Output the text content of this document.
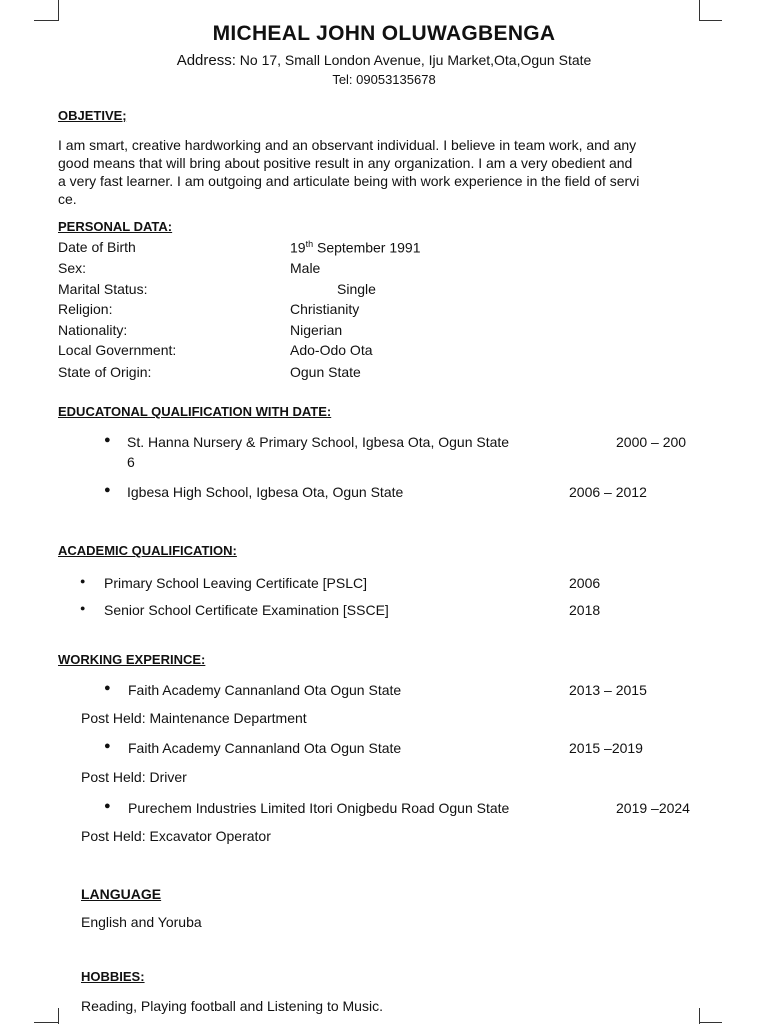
MICHEAL JOHN OLUWAGBENGA
Address: No 17, Small London Avenue, Iju Market,Ota,Ogun State
Tel: 09053135678
OBJETIVE;
I am smart, creative hardworking and an observant individual. I believe in team work, and any
good means that will bring about positive result in any organization. I am a very obedient and
a very fast learner. I am outgoing and articulate being with work experience in the field of servi
ce.
PERSONAL DATA:
Date of Birth	19th September 1991
Sex:	Male
Marital Status:	Single
Religion:	Christianity
Nationality:	Nigerian
Local Government:	Ado-Odo Ota
State of Origin:	Ogun State
EDUCATONAL QUALIFICATION WITH DATE:
● St. Hanna Nursery & Primary School, Igbesa Ota, Ogun State	2000 – 200
6
● Igbesa High School, Igbesa Ota, Ogun State	2006 – 2012
ACADEMIC QUALIFICATION:
● Primary School Leaving Certificate [PSLC]	2006
● Senior School Certificate Examination [SSCE]	2018
WORKING EXPERINCE:
● Faith Academy Cannanland Ota Ogun State	2013 – 2015
Post Held: Maintenance Department
● Faith Academy Cannanland Ota Ogun State	2015 –2019
Post Held: Driver
● Purechem Industries Limited Itori Onigbedu Road Ogun State	2019 –2024
Post Held: Excavator Operator
LANGUAGE
English and Yoruba
HOBBIES:
Reading, Playing football and Listening to Music.
